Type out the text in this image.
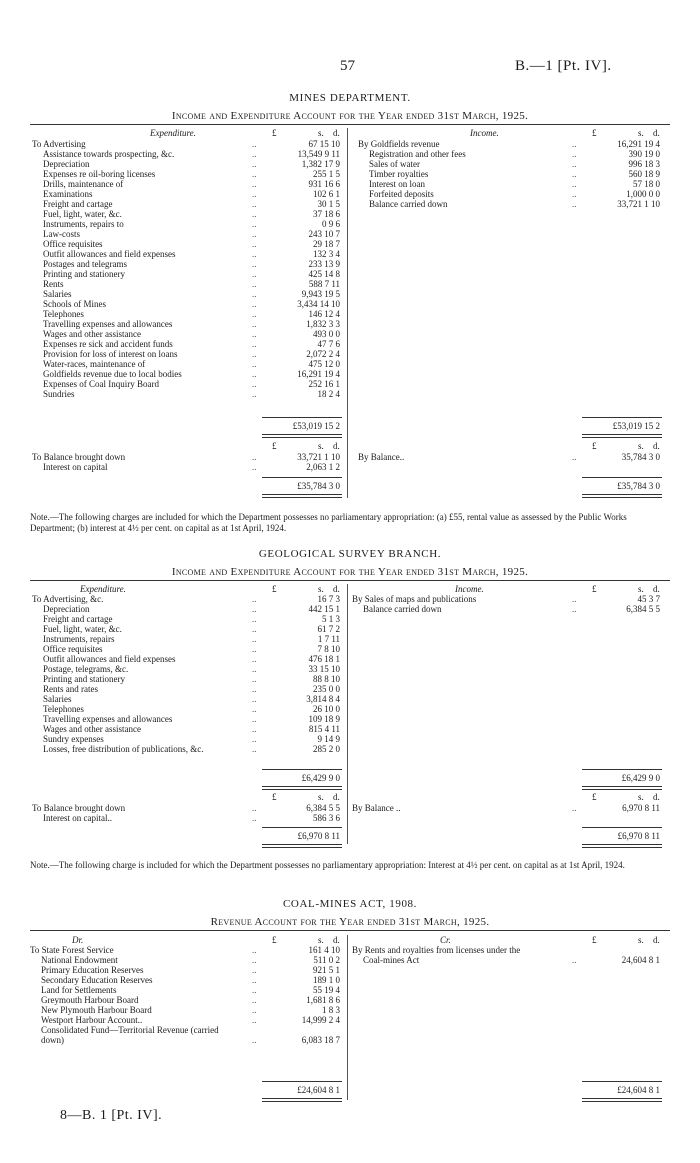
57	B.—1 [Pt. IV].
MINES DEPARTMENT.
Income and Expenditure Account for the Year ended 31st March, 1925.
Expenditure.	Income.
£	s. d.	£	s. d.
To Advertising	..	67 15 10
Assistance towards prospecting, &c.	..	13,549 9 11
Depreciation	..	1,382 17 9
Expenses re oil-boring licenses	..	255 1 5
Drills, maintenance of	..	931 16 6
Examinations	..	102 6 1
Freight and cartage	..	30 1 5
Fuel, light, water, &c.	..	37 18 6
Instruments, repairs to	..	0 9 6
Law-costs	..	243 10 7
Office requisites	..	29 18 7
Outfit allowances and field expenses	..	132 3 4
Postages and telegrams	..	233 13 9
Printing and stationery	..	425 14 8
Rents	..	588 7 11
Salaries	..	9,943 19 5
Schools of Mines	..	3,434 14 10
Telephones	..	146 12 4
Travelling expenses and allowances	..	1,832 3 3
Wages and other assistance	..	493 0 0
Expenses re sick and accident funds	..	47 7 6
Provision for loss of interest on loans	..	2,072 2 4
Water-races, maintenance of	..	475 12 0
Goldfields revenue due to local bodies	..	16,291 19 4
Expenses of Coal Inquiry Board	..	252 16 1
Sundries	..	18 2 4
By Goldfields revenue	..	16,291 19 4
Registration and other fees	..	390 19 0
Sales of water	..	996 18 3
Timber royalties	..	560 18 9
Interest on loan	..	57 18 0
Forfeited deposits	..	1,000 0 0
Balance carried down	..	33,721 1 10
£53,019 15 2	£53,019 15 2
£	s. d.	£	s. d.
To Balance brought down	..	33,721 1 10
Interest on capital	..	2,063 1 2
By Balance..	..	35,784 3 0
£35,784 3 0	£35,784 3 0
Note.—The following charges are included for which the Department possesses no parliamentary appropriation: (a) £55, rental value as assessed by the Public Works Department; (b) interest at 4½ per cent. on capital as at 1st April, 1924.
GEOLOGICAL SURVEY BRANCH.
Income and Expenditure Account for the Year ended 31st March, 1925.
Expenditure.	Income.
£	s. d.	£	s. d.
To Advertising, &c.	..	16 7 3
Depreciation	..	442 15 1
Freight and cartage	..	5 1 3
Fuel, light, water, &c.	..	61 7 2
Instruments, repairs	..	1 7 11
Office requisites	..	7 8 10
Outfit allowances and field expenses	..	476 18 1
Postage, telegrams, &c.	..	33 15 10
Printing and stationery	..	88 8 10
Rents and rates	..	235 0 0
Salaries	..	3,814 8 4
Telephones	..	26 10 0
Travelling expenses and allowances	..	109 18 9
Wages and other assistance	..	815 4 11
Sundry expenses	..	9 14 9
Losses, free distribution of publications, &c.	..	285 2 0
By Sales of maps and publications	..	45 3 7
Balance carried down	..	6,384 5 5
£6,429 9 0	£6,429 9 0
£	s. d.	£	s. d.
To Balance brought down	..	6,384 5 5
Interest on capital..	..	586 3 6
By Balance ..	..	6,970 8 11
£6,970 8 11	£6,970 8 11
Note.—The following charge is included for which the Department possesses no parliamentary appropriation: Interest at 4½ per cent. on capital as at 1st April, 1924.
COAL-MINES ACT, 1908.
Revenue Account for the Year ended 31st March, 1925.
Dr.	Cr.
£	s. d.	£	s. d.
To State Forest Service	..	161 4 10
National Endowment	..	511 0 2
Primary Education Reserves	..	921 5 1
Secondary Education Reserves	..	189 1 0
Land for Settlements	..	55 19 4
Greymouth Harbour Board	..	1,681 8 6
New Plymouth Harbour Board	..	1 8 3
Westport Harbour Account..	..	14,999 2 4
Consolidated Fund—Territorial Revenue (carried
down)	..	6,083 18 7
By Rents and royalties from licenses under the
Coal-mines Act	..	24,604 8 1
£24,604 8 1	£24,604 8 1
8—B. 1 [Pt. IV].
